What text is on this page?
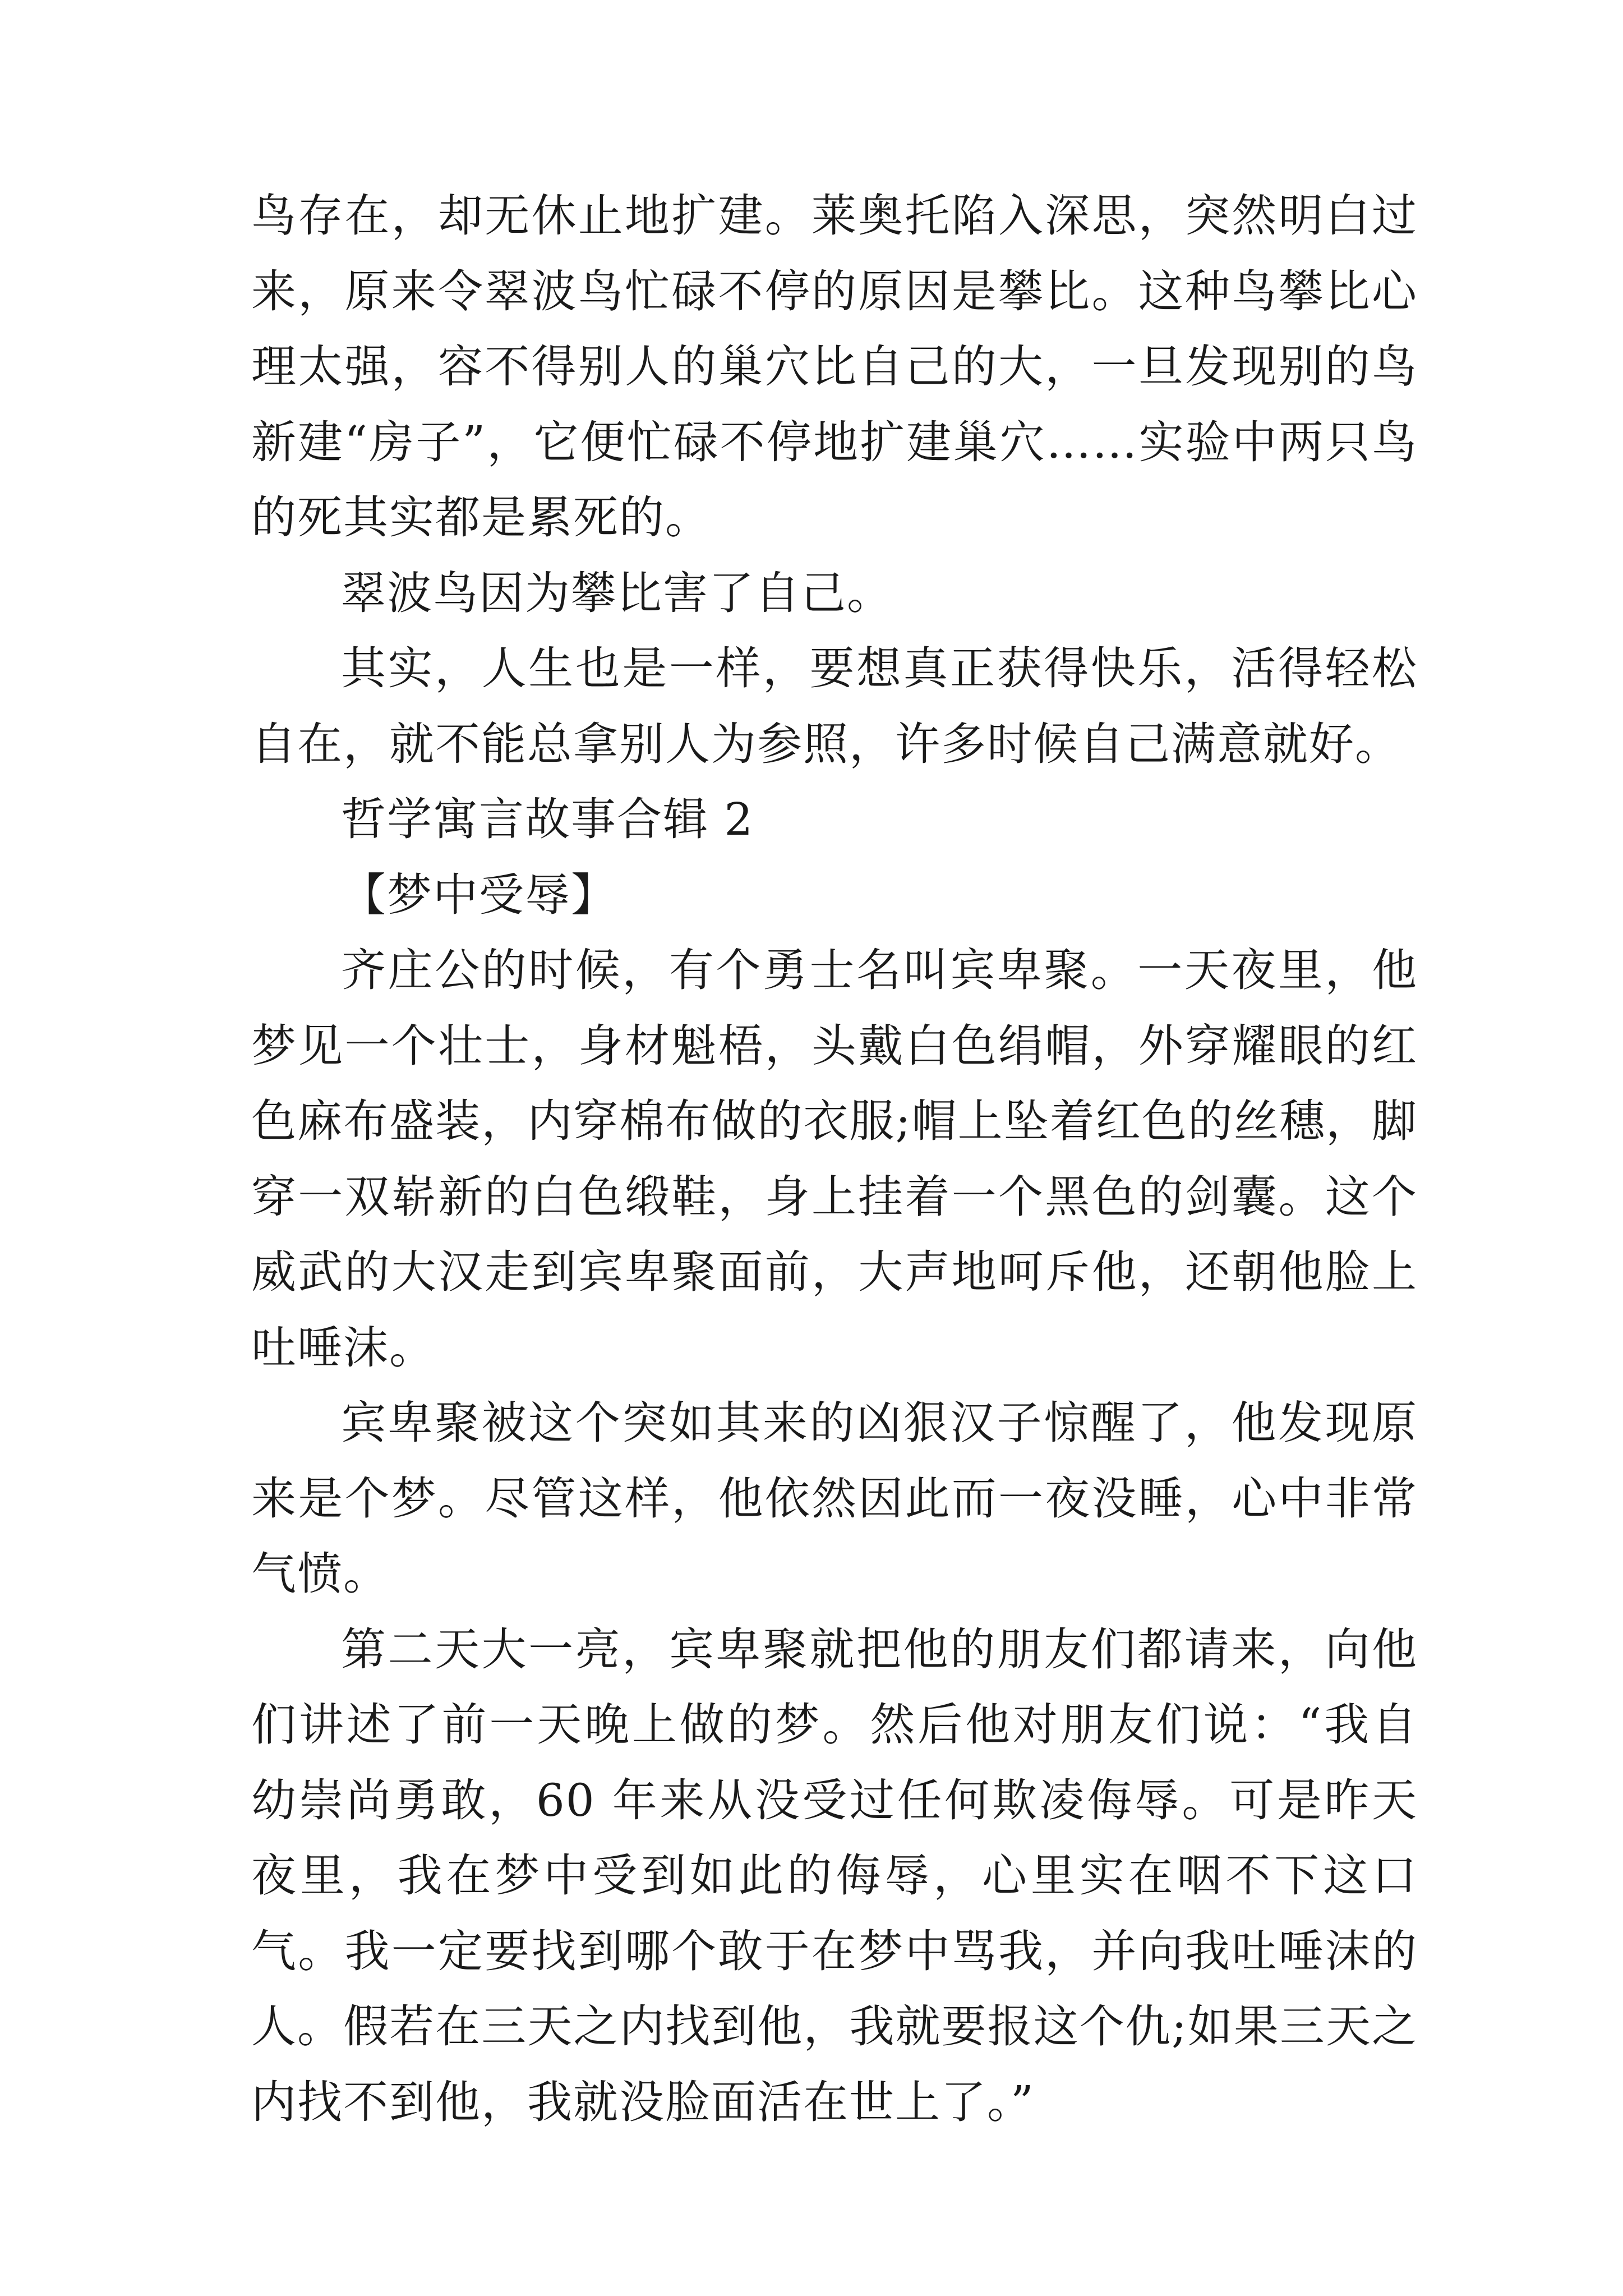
鸟存在，却无休止地扩建。莱奥托陷入深思，突然明白过来，原来令翠波鸟忙碌不停的原因是攀比。这种鸟攀比心理太强，容不得别人的巢穴比自己的大，一旦发现别的鸟新建“房子”，它便忙碌不停地扩建巢穴……实验中两只鸟的死其实都是累死的。

翠波鸟因为攀比害了自己。

其实，人生也是一样，要想真正获得快乐，活得轻松自在，就不能总拿别人为参照，许多时候自己满意就好。

哲学寓言故事合辑 2

【梦中受辱】

齐庄公的时候，有个勇士名叫宾卑聚。一天夜里，他梦见一个壮士，身材魁梧，头戴白色绢帽，外穿耀眼的红色麻布盛装，内穿棉布做的衣服;帽上坠着红色的丝穗，脚穿一双崭新的白色缎鞋，身上挂着一个黑色的剑囊。这个威武的大汉走到宾卑聚面前，大声地呵斥他，还朝他脸上吐唾沫。

宾卑聚被这个突如其来的凶狠汉子惊醒了，他发现原来是个梦。尽管这样，他依然因此而一夜没睡，心中非常气愤。

第二天大一亮，宾卑聚就把他的朋友们都请来，向他们讲述了前一天晚上做的梦。然后他对朋友们说：“我自幼崇尚勇敢，60 年来从没受过任何欺凌侮辱。可是昨天夜里，我在梦中受到如此的侮辱，心里实在咽不下这口气。我一定要找到哪个敢于在梦中骂我，并向我吐唾沫的人。假若在三天之内找到他，我就要报这个仇;如果三天之内找不到他，我就没脸面活在世上了。”
